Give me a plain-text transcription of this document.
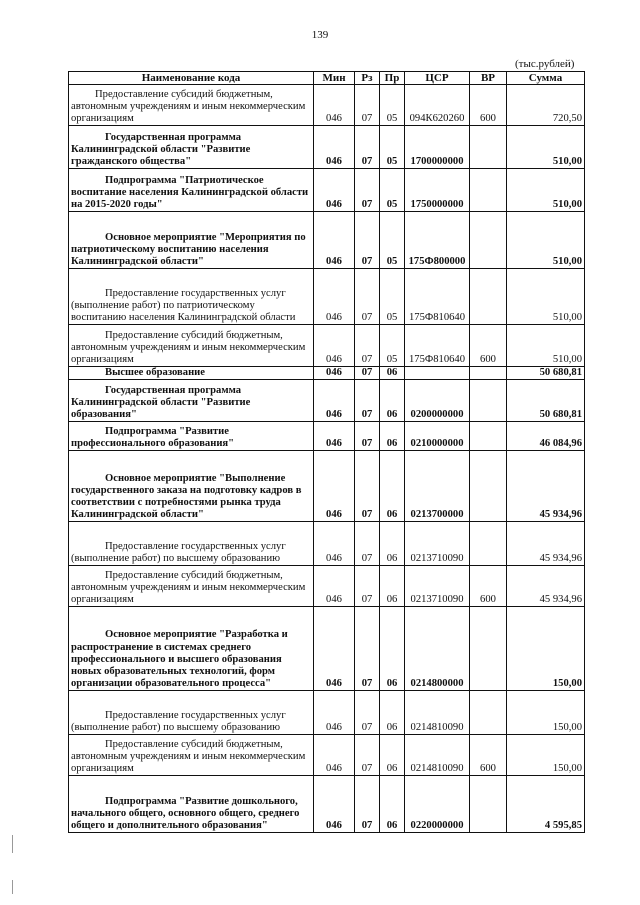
139
(тыс.рублей)
Наименование кода	Мин	Рз	Пр	ЦСР	ВР	Сумма
Предоставление субсидий бюджетным, автономным учреждениям и иным некоммерческим организациям	046	07	05	094К620260	600	720,50
Государственная программа Калининградской области "Развитие гражданского общества"	046	07	05	1700000000		510,00
Подпрограмма "Патриотическое воспитание населения Калининградской области на 2015-2020 годы"	046	07	05	1750000000		510,00
Основное мероприятие "Мероприятия по патриотическому воспитанию населения Калининградской области"	046	07	05	175Ф800000		510,00
Предоставление государственных услуг (выполнение работ) по патриотическому воспитанию населения Калининградской области	046	07	05	175Ф810640		510,00
Предоставление субсидий бюджетным, автономным учреждениям и иным некоммерческим организациям	046	07	05	175Ф810640	600	510,00
Высшее образование	046	07	06			50 680,81
Государственная программа Калининградской области "Развитие образования"	046	07	06	0200000000		50 680,81
Подпрограмма "Развитие профессионального образования"	046	07	06	0210000000		46 084,96
Основное мероприятие "Выполнение государственного заказа на подготовку кадров в соответствии с потребностями рынка труда Калининградской области"	046	07	06	0213700000		45 934,96
Предоставление государственных услуг (выполнение работ) по высшему образованию	046	07	06	0213710090		45 934,96
Предоставление субсидий бюджетным, автономным учреждениям и иным некоммерческим организациям	046	07	06	0213710090	600	45 934,96
Основное мероприятие "Разработка и распространение в системах среднего профессионального и высшего образования новых образовательных технологий, форм организации образовательного процесса"	046	07	06	0214800000		150,00
Предоставление государственных услуг (выполнение работ) по высшему образованию	046	07	06	0214810090		150,00
Предоставление субсидий бюджетным, автономным учреждениям и иным некоммерческим организациям	046	07	06	0214810090	600	150,00
Подпрограмма "Развитие дошкольного, начального общего, основного общего, среднего общего и дополнительного образования"	046	07	06	0220000000		4 595,85
